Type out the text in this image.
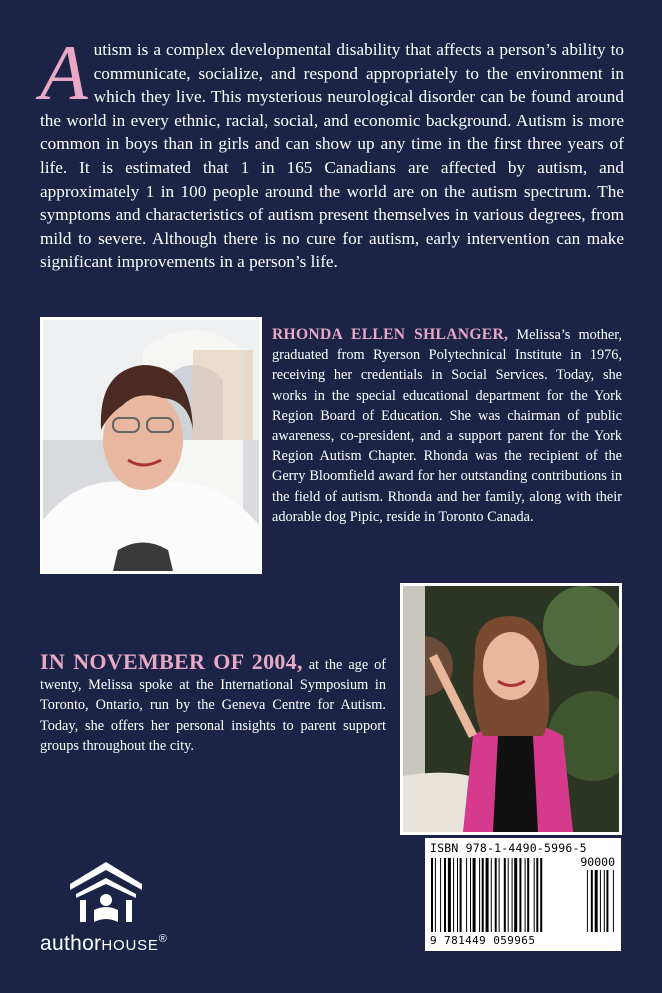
A utism is a complex developmental disability that affects a person’s ability to communicate, socialize, and respond appropriately to the environment in which they live. This mysterious neurological disorder can be found around the world in every ethnic, racial, social, and economic background. Autism is more common in boys than in girls and can show up any time in the first three years of life. It is estimated that 1 in 165 Canadians are affected by autism, and approximately 1 in 100 people around the world are on the autism spectrum. The symptoms and characteristics of autism present themselves in various degrees, from mild to severe. Although there is no cure for autism, early intervention can make significant improvements in a person’s life.
RHONDA ELLEN SHLANGER, Melissa’s mother, graduated from Ryerson Polytechnical Institute in 1976, receiving her credentials in Social Services. Today, she works in the special educational department for the York Region Board of Education. She was chairman of public awareness, co-president, and a support parent for the York Region Autism Chapter. Rhonda was the recipient of the Gerry Bloomfield award for her outstanding contributions in the field of autism. Rhonda and her family, along with their adorable dog Pipic, reside in Toronto Canada.
IN NOVEMBER OF 2004, at the age of twenty, Melissa spoke at the International Symposium in Toronto, Ontario, run by the Geneva Centre for Autism. Today, she offers her personal insights to parent support groups throughout the city.
ISBN 978-1-4490-5996-5
90000
9 781449 059965
authorHOUSE®
